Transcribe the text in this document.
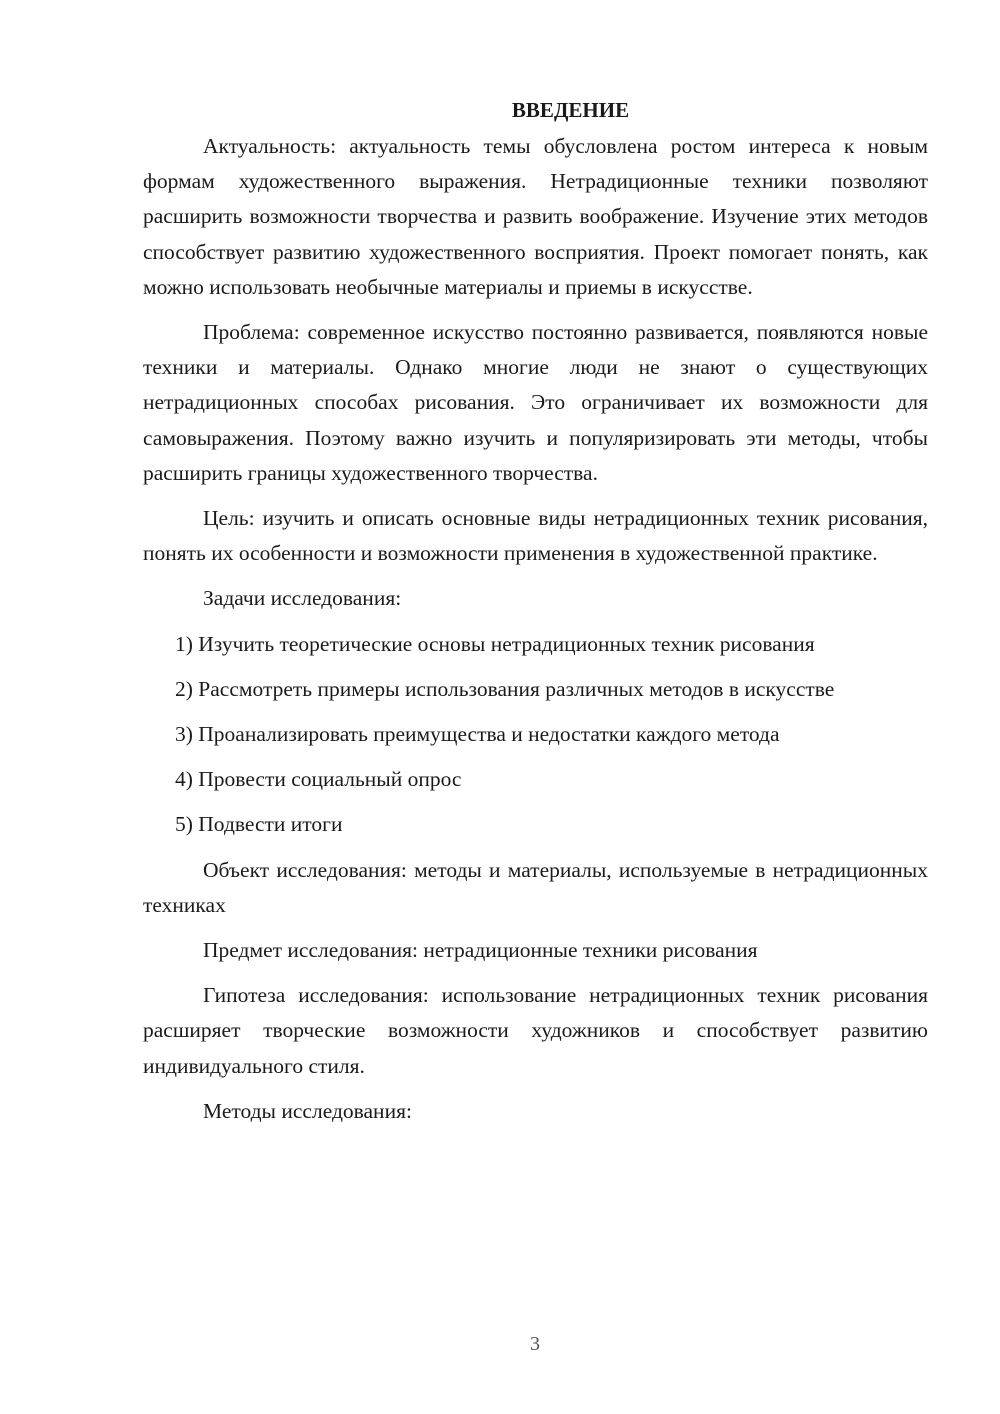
ВВЕДЕНИЕ

Актуальность: актуальность темы обусловлена ростом интереса к новым формам художественного выражения. Нетрадиционные техники позволяют расширить возможности творчества и развить воображение. Изучение этих методов способствует развитию художественного восприятия. Проект помогает понять, как можно использовать необычные материалы и приемы в искусстве.

Проблема: современное искусство постоянно развивается, появляются новые техники и материалы. Однако многие люди не знают о существующих нетрадиционных способах рисования. Это ограничивает их возможности для самовыражения. Поэтому важно изучить и популяризировать эти методы, чтобы расширить границы художественного творчества.

Цель: изучить и описать основные виды нетрадиционных техник рисования, понять их особенности и возможности применения в художественной практике.

Задачи исследования:

1) Изучить теоретические основы нетрадиционных техник рисования

2) Рассмотреть примеры использования различных методов в искусстве

3) Проанализировать преимущества и недостатки каждого метода

4) Провести социальный опрос

5) Подвести итоги

Объект исследования: методы и материалы, используемые в нетрадиционных техниках

Предмет исследования: нетрадиционные техники рисования

Гипотеза исследования: использование нетрадиционных техник рисования расширяет творческие возможности художников и способствует развитию индивидуального стиля.

Методы исследования:

3
